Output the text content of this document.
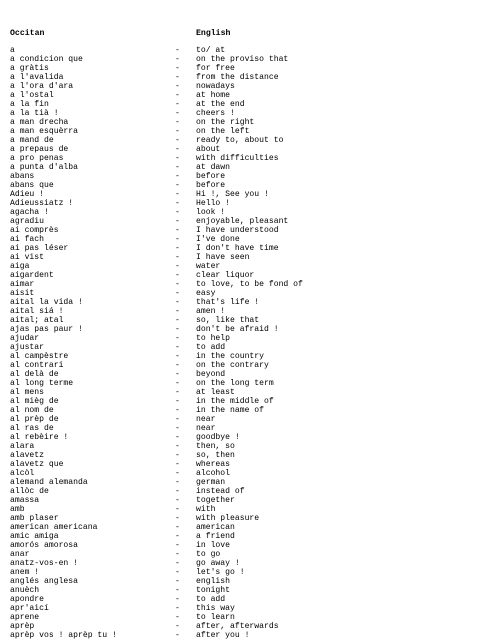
Occitan	English
a	- to/ at
a condicion que	- on the proviso that
a gràtis	- for free
a l'avalida	- from the distance
a l'ora d'ara	- nowadays
a l'ostal	- at home
a la fin	- at the end
a la tià !	- cheers !
a man drecha	- on the right
a man esquèrra	- on the left
a mand de	- ready to, about to
a prepaus de	- about
a pro penas	- with difficulties
a punta d'alba	- at dawn
abans	- before
abans que	- before
Adieu !	- Hi !, See you !
Adieussiatz !	- Hello !
agacha !	- look !
agradiu	- enjoyable, pleasant
ai comprès	- I have understood
ai fach	- I've done
ai pas léser	- I don't have time
ai vist	- I have seen
aiga	- water
aigardent	- clear liquor
aimar	- to love, to be fond of
aisit	- easy
aital la vida !	- that's life !
aital siá !	- amen !
aital; atal	- so, like that
ajas pas paur !	- don't be afraid !
ajudar	- to help
ajustar	- to add
al campèstre	- in the country
al contrari	- on the contrary
al delà de	- beyond
al long terme	- on the long term
al mens	- at least
al mièg de	- in the middle of
al nom de	- in the name of
al prèp de	- near
al ras de	- near
al rebèire !	- goodbye !
alara	- then, so
alavetz	- so, then
alavetz que	- whereas
alcòl	- alcohol
alemand alemanda	- german
allòc de	- instead of
amassa	- together
amb	- with
amb plaser	- with pleasure
american americana	- american
amic amiga	- a friend
amorós amorosa	- in love
anar	- to go
anatz-vos-en !	- go away !
anem !	- let's go !
anglés anglesa	- english
anuèch	- tonight
apondre	- to add
apr'aicí	- this way
aprene	- to learn
aprèp	- after, afterwards
aprèp vos ! aprèp tu !	- after you !
